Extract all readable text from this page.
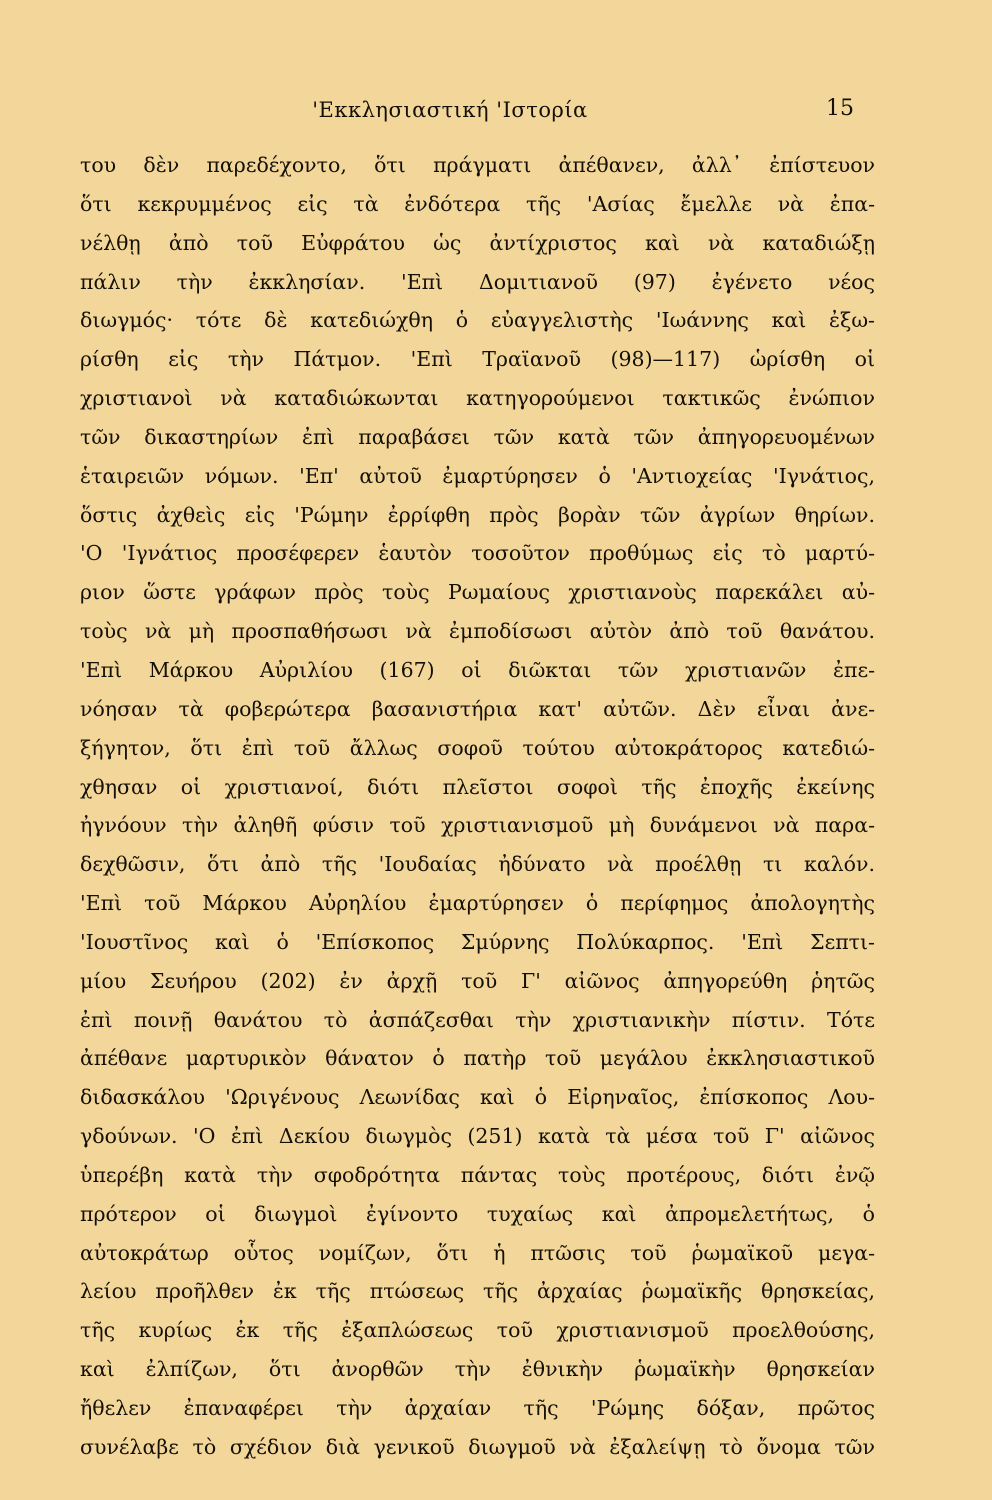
'Εκκλησιαστική 'Ιστορία	15
του δὲν παρεδέχοντο, ὅτι πράγματι ἀπέθανεν, ἀλλ᾽ ἐπίστευον
ὅτι κεκρυμμένος εἰς τὰ ἐνδότερα τῆς 'Ασίας ἔμελλε νὰ ἐπα-
νέλθῃ ἀπὸ τοῦ Εὐφράτου ὡς ἀντίχριστος καὶ νὰ καταδιώξῃ
πάλιν τὴν ἐκκλησίαν. 'Επὶ Δομιτιανοῦ (97) ἐγένετο νέος
διωγμός· τότε δὲ κατεδιώχθη ὁ εὐαγγελιστὴς 'Ιωάννης καὶ ἐξω-
ρίσθη εἰς τὴν Πάτμον. 'Επὶ Τραϊανοῦ (98)—117) ὡρίσθη οἱ
χριστιανοὶ νὰ καταδιώκωνται κατηγορούμενοι τακτικῶς ἐνώπιον
τῶν δικαστηρίων ἐπὶ παραβάσει τῶν κατὰ τῶν ἀπηγορευομένων
ἑταιρειῶν νόμων. 'Επ' αὐτοῦ ἐμαρτύρησεν ὁ 'Αντιοχείας 'Ιγνάτιος,
ὅστις ἀχθεὶς εἰς 'Ρώμην ἐρρίφθη πρὸς βορὰν τῶν ἀγρίων θηρίων.
'Ο 'Ιγνάτιος προσέφερεν ἑαυτὸν τοσοῦτον προθύμως εἰς τὸ μαρτύ-
ριον ὥστε γράφων πρὸς τοὺς Ρωμαίους χριστιανοὺς παρεκάλει αὐ-
τοὺς νὰ μὴ προσπαθήσωσι νὰ ἐμποδίσωσι αὐτὸν ἀπὸ τοῦ θανάτου.
'Επὶ Μάρκου Αὐριλίου (167) οἱ διῶκται τῶν χριστιανῶν ἐπε-
νόησαν τὰ φοβερώτερα βασανιστήρια κατ' αὐτῶν. Δὲν εἶναι ἀνε-
ξήγητον, ὅτι ἐπὶ τοῦ ἄλλως σοφοῦ τούτου αὐτοκράτορος κατεδιώ-
χθησαν οἱ χριστιανοί, διότι πλεῖστοι σοφοὶ τῆς ἐποχῆς ἐκείνης
ἠγνόουν τὴν ἀληθῆ φύσιν τοῦ χριστιανισμοῦ μὴ δυνάμενοι νὰ παρα-
δεχθῶσιν, ὅτι ἀπὸ τῆς 'Ιουδαίας ἠδύνατο νὰ προέλθῃ τι καλόν.
'Επὶ τοῦ Μάρκου Αὐρηλίου ἐμαρτύρησεν ὁ περίφημος ἀπολογητὴς
'Ιουστῖνος καὶ ὁ 'Επίσκοπος Σμύρνης Πολύκαρπος. 'Επὶ Σεπτι-
μίου Σευήρου (202) ἐν ἀρχῇ τοῦ Γ' αἰῶνος ἀπηγορεύθη ῥητῶς
ἐπὶ ποινῇ θανάτου τὸ ἀσπάζεσθαι τὴν χριστιανικὴν πίστιν. Τότε
ἀπέθανε μαρτυρικὸν θάνατον ὁ πατὴρ τοῦ μεγάλου ἐκκλησιαστικοῦ
διδασκάλου 'Ωριγένους Λεωνίδας καὶ ὁ Εἰρηναῖος, ἐπίσκοπος Λου-
γδούνων. 'Ο ἐπὶ Δεκίου διωγμὸς (251) κατὰ τὰ μέσα τοῦ Γ' αἰῶνος
ὑπερέβη κατὰ τὴν σφοδρότητα πάντας τοὺς προτέρους, διότι ἐνῷ
πρότερον οἱ διωγμοὶ ἐγίνοντο τυχαίως καὶ ἀπρομελετήτως, ὁ
αὐτοκράτωρ οὗτος νομίζων, ὅτι ἡ πτῶσις τοῦ ῥωμαϊκοῦ μεγα-
λείου προῆλθεν ἐκ τῆς πτώσεως τῆς ἀρχαίας ῥωμαϊκῆς θρησκείας,
τῆς κυρίως ἐκ τῆς ἐξαπλώσεως τοῦ χριστιανισμοῦ προελθούσης,
καὶ ἐλπίζων, ὅτι ἀνορθῶν τὴν ἐθνικὴν ῥωμαϊκὴν θρησκείαν
ἤθελεν ἐπαναφέρει τὴν ἀρχαίαν τῆς 'Ρώμης δόξαν, πρῶτος
συνέλαβε τὸ σχέδιον διὰ γενικοῦ διωγμοῦ νὰ ἐξαλείψῃ τὸ ὄνομα τῶν
